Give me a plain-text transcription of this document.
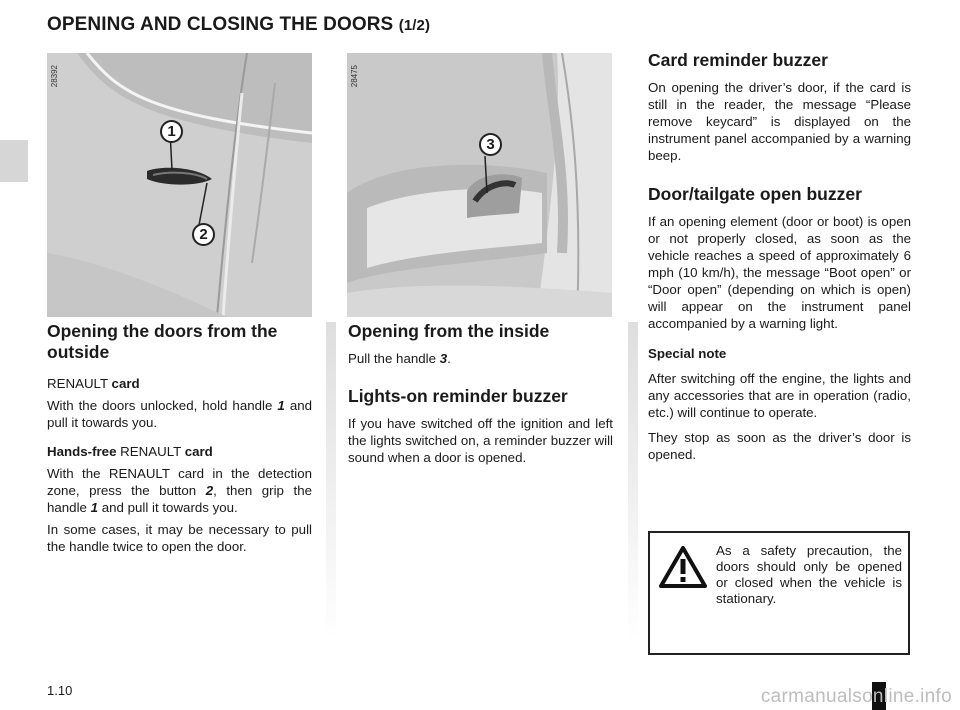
OPENING AND CLOSING THE DOORS (1/2)
28392
1
2
28475
3
Opening the doors from the outside

RENAULT card

With the doors unlocked, hold handle 1 and pull it towards you.

Hands-free RENAULT card

With the RENAULT card in the detection zone, press the button 2, then grip the handle 1 and pull it towards you.

In some cases, it may be necessary to pull the handle twice to open the door.

Opening from the inside

Pull the handle 3.

Lights-on reminder buzzer

If you have switched off the ignition and left the lights switched on, a reminder buzzer will sound when a door is opened.

Card reminder buzzer

On opening the driver’s door, if the card is still in the reader, the message “Please remove keycard” is displayed on the instrument panel accompanied by a warning beep.

Door/tailgate open buzzer

If an opening element (door or boot) is open or not properly closed, as soon as the vehicle reaches a speed of approximately 6 mph (10 km/h), the message “Boot open” or “Door open” (depending on which is open) will appear on the instrument panel accompanied by a warning light.

Special note

After switching off the engine, the lights and any accessories that are in operation (radio, etc.) will continue to operate.

They stop as soon as the driver’s door is opened.

As a safety precaution, the doors should only be opened or closed when the vehicle is stationary.
1.10	carmanualsonline.info
